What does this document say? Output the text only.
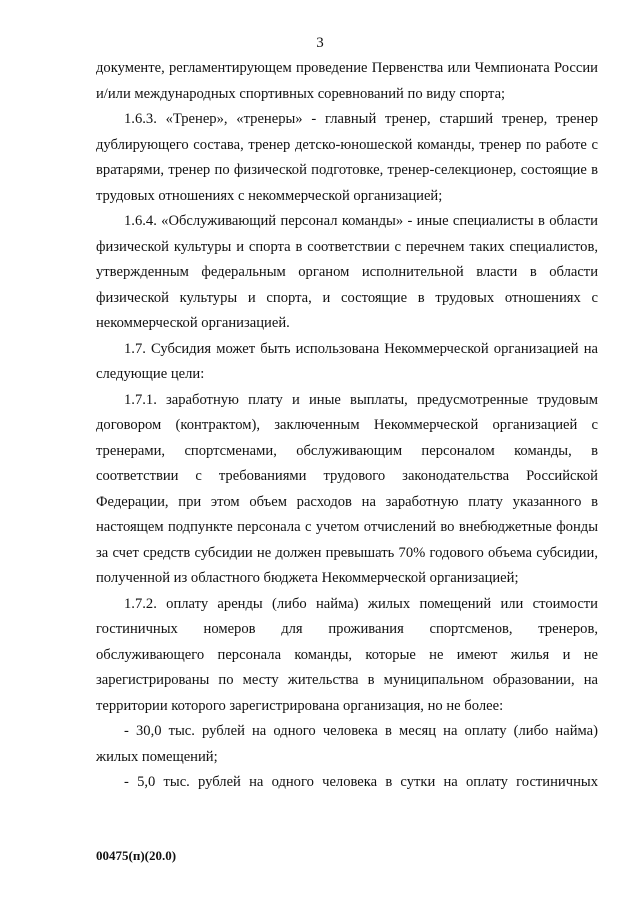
3

документе, регламентирующем проведение Первенства или Чемпионата России и/или международных спортивных соревнований по виду спорта;

1.6.3. «Тренер», «тренеры» - главный тренер, старший тренер, тренер дублирующего состава, тренер детско-юношеской команды, тренер по работе с вратарями, тренер по физической подготовке, тренер-селекционер, состоящие в трудовых отношениях с некоммерческой организацией;

1.6.4. «Обслуживающий персонал команды» - иные специалисты в области физической культуры и спорта в соответствии с перечнем таких специалистов, утвержденным федеральным органом исполнительной власти в области физической культуры и спорта, и состоящие в трудовых отношениях с некоммерческой организацией.

1.7. Субсидия может быть использована Некоммерческой организацией на следующие цели:

1.7.1. заработную плату и иные выплаты, предусмотренные трудовым договором (контрактом), заключенным Некоммерческой организацией с тренерами, спортсменами, обслуживающим персоналом команды, в соответствии с требованиями трудового законодательства Российской Федерации, при этом объем расходов на заработную плату указанного в настоящем подпункте персонала с учетом отчислений во внебюджетные фонды за счет средств субсидии не должен превышать 70% годового объема субсидии, полученной из областного бюджета Некоммерческой организацией;

1.7.2. оплату аренды (либо найма) жилых помещений или стоимости гостиничных номеров для проживания спортсменов, тренеров, обслуживающего персонала команды, которые не имеют жилья и не зарегистрированы по месту жительства в муниципальном образовании, на территории которого зарегистрирована организация, но не более:

- 30,0 тыс. рублей на одного человека в месяц на оплату (либо найма) жилых помещений;

- 5,0 тыс. рублей на одного человека в сутки на оплату гостиничных

00475(п)(20.0)
